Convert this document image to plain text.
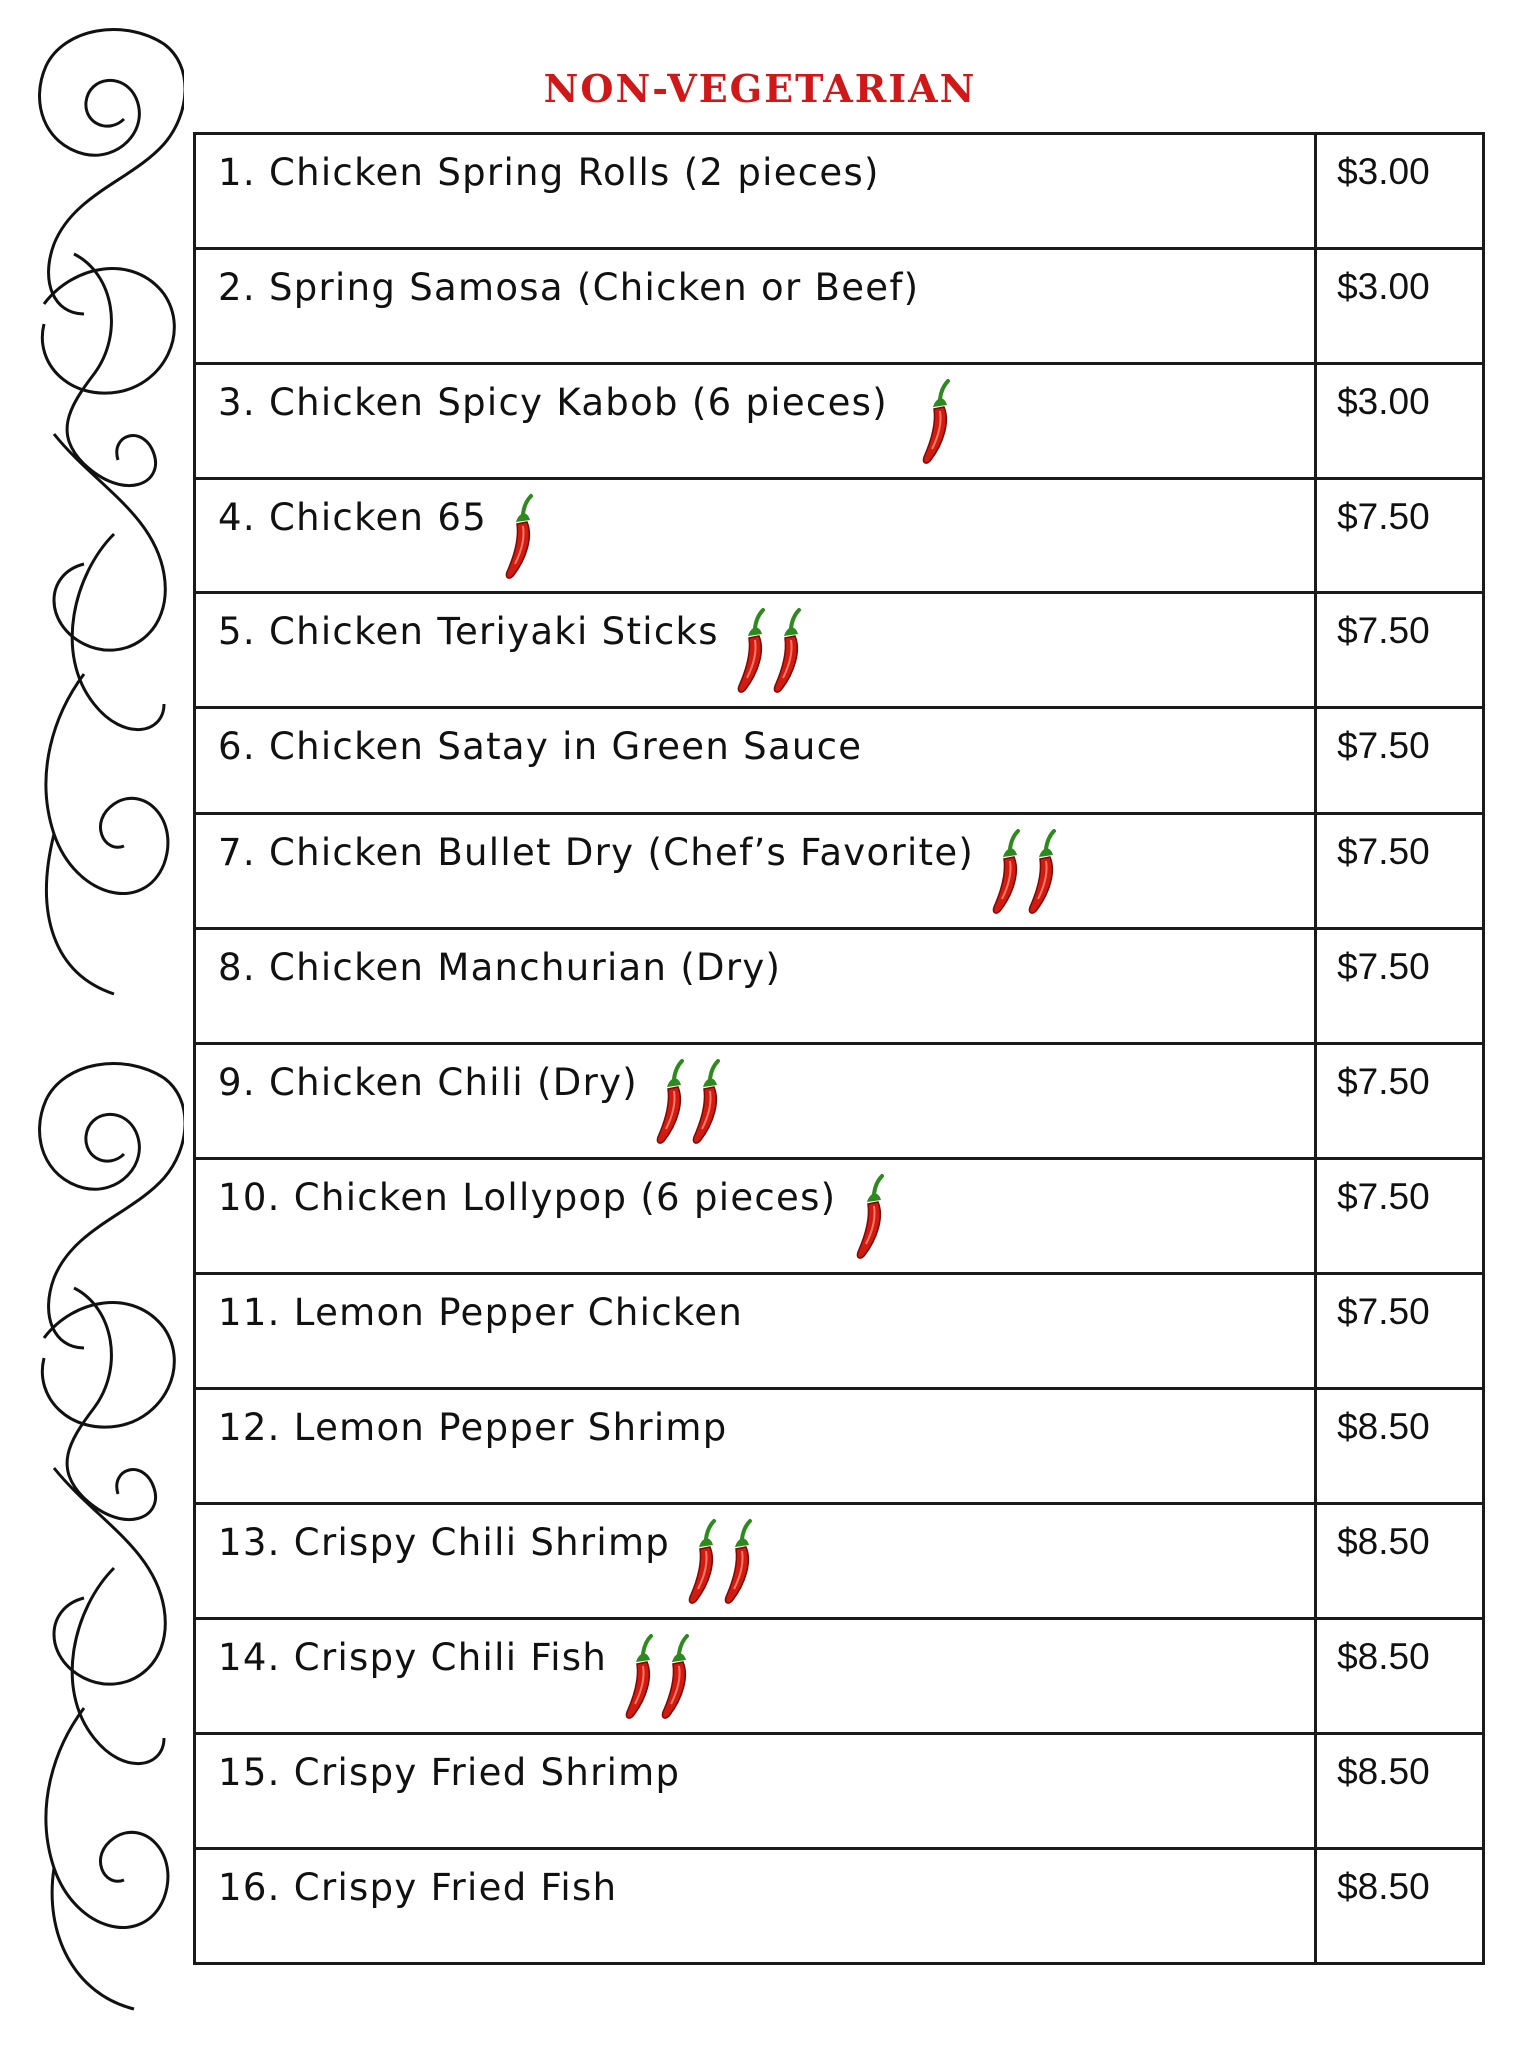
NON-VEGETARIAN
1. Chicken Spring Rolls (2 pieces)	$3.00
2. Spring Samosa (Chicken or Beef)	$3.00
3. Chicken Spicy Kabob (6 pieces)	$3.00
4. Chicken 65	$7.50
5. Chicken Teriyaki Sticks	$7.50
6. Chicken Satay in Green Sauce	$7.50
7. Chicken Bullet Dry (Chef’s Favorite)	$7.50
8. Chicken Manchurian (Dry)	$7.50
9. Chicken Chili (Dry)	$7.50
10. Chicken Lollypop (6 pieces)	$7.50
11. Lemon Pepper Chicken	$7.50
12. Lemon Pepper Shrimp	$8.50
13. Crispy Chili Shrimp	$8.50
14. Crispy Chili Fish	$8.50
15. Crispy Fried Shrimp	$8.50
16. Crispy Fried Fish	$8.50
